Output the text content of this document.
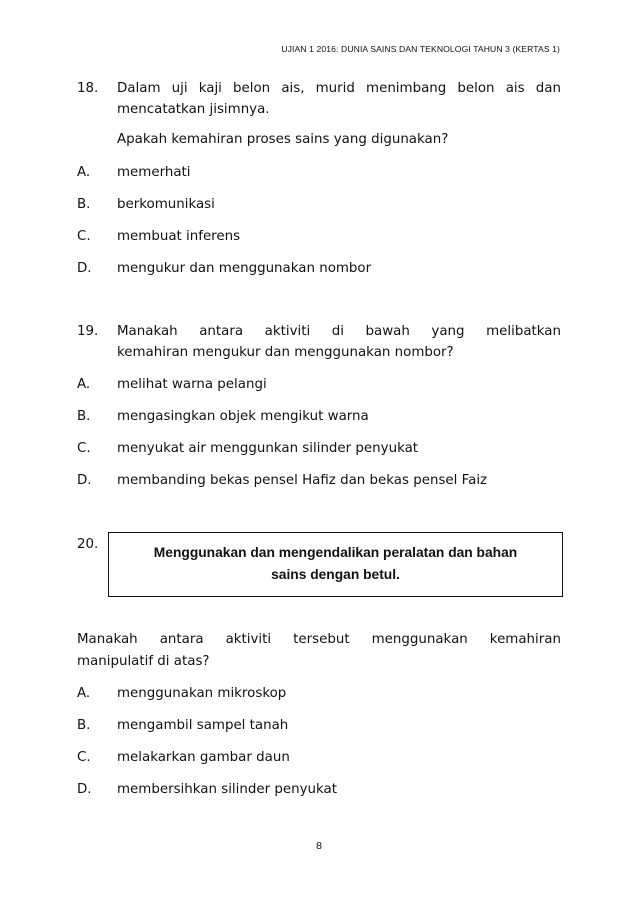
UJIAN 1 2016: DUNIA SAINS DAN TEKNOLOGI TAHUN 3 (KERTAS 1)
18. Dalam uji kaji belon ais, murid menimbang belon ais dan
mencatatkan jisimnya.
Apakah kemahiran proses sains yang digunakan?
A. memerhati
B. berkomunikasi
C. membuat inferens
D. mengukur dan menggunakan nombor
19. Manakah antara aktiviti di bawah yang melibatkan
kemahiran mengukur dan menggunakan nombor?
A. melihat warna pelangi
B. mengasingkan objek mengikut warna
C. menyukat air menggunkan silinder penyukat
D. membanding bekas pensel Hafiz dan bekas pensel Faiz
20.
Menggunakan dan mengendalikan peralatan dan bahan
sains dengan betul.
Manakah antara aktiviti tersebut menggunakan kemahiran
manipulatif di atas?
A. menggunakan mikroskop
B. mengambil sampel tanah
C. melakarkan gambar daun
D. membersihkan silinder penyukat
8
